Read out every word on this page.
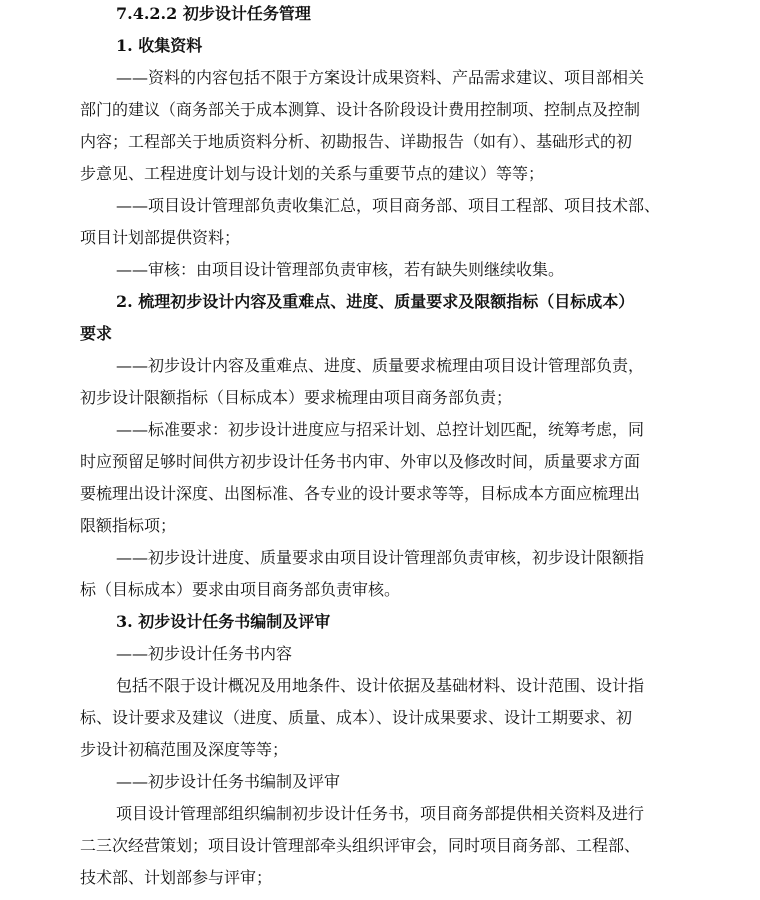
7.4.2.2 初步设计任务管理
1. 收集资料
——资料的内容包括不限于方案设计成果资料、产品需求建议、项目部相关
部门的建议（商务部关于成本测算、设计各阶段设计费用控制项、控制点及控制
内容；工程部关于地质资料分析、初勘报告、详勘报告（如有）、基础形式的初
步意见、工程进度计划与设计划的关系与重要节点的建议）等等；
——项目设计管理部负责收集汇总，项目商务部、项目工程部、项目技术部、
项目计划部提供资料；
——审核：由项目设计管理部负责审核，若有缺失则继续收集。
2. 梳理初步设计内容及重难点、进度、质量要求及限额指标（目标成本）
要求
——初步设计内容及重难点、进度、质量要求梳理由项目设计管理部负责，
初步设计限额指标（目标成本）要求梳理由项目商务部负责；
——标准要求：初步设计进度应与招采计划、总控计划匹配，统筹考虑，同
时应预留足够时间供方初步设计任务书内审、外审以及修改时间，质量要求方面
要梳理出设计深度、出图标准、各专业的设计要求等等，目标成本方面应梳理出
限额指标项；
——初步设计进度、质量要求由项目设计管理部负责审核，初步设计限额指
标（目标成本）要求由项目商务部负责审核。
3. 初步设计任务书编制及评审
——初步设计任务书内容
包括不限于设计概况及用地条件、设计依据及基础材料、设计范围、设计指
标、设计要求及建议（进度、质量、成本）、设计成果要求、设计工期要求、初
步设计初稿范围及深度等等；
——初步设计任务书编制及评审
项目设计管理部组织编制初步设计任务书，项目商务部提供相关资料及进行
二三次经营策划；项目设计管理部牵头组织评审会，同时项目商务部、工程部、
技术部、计划部参与评审；
